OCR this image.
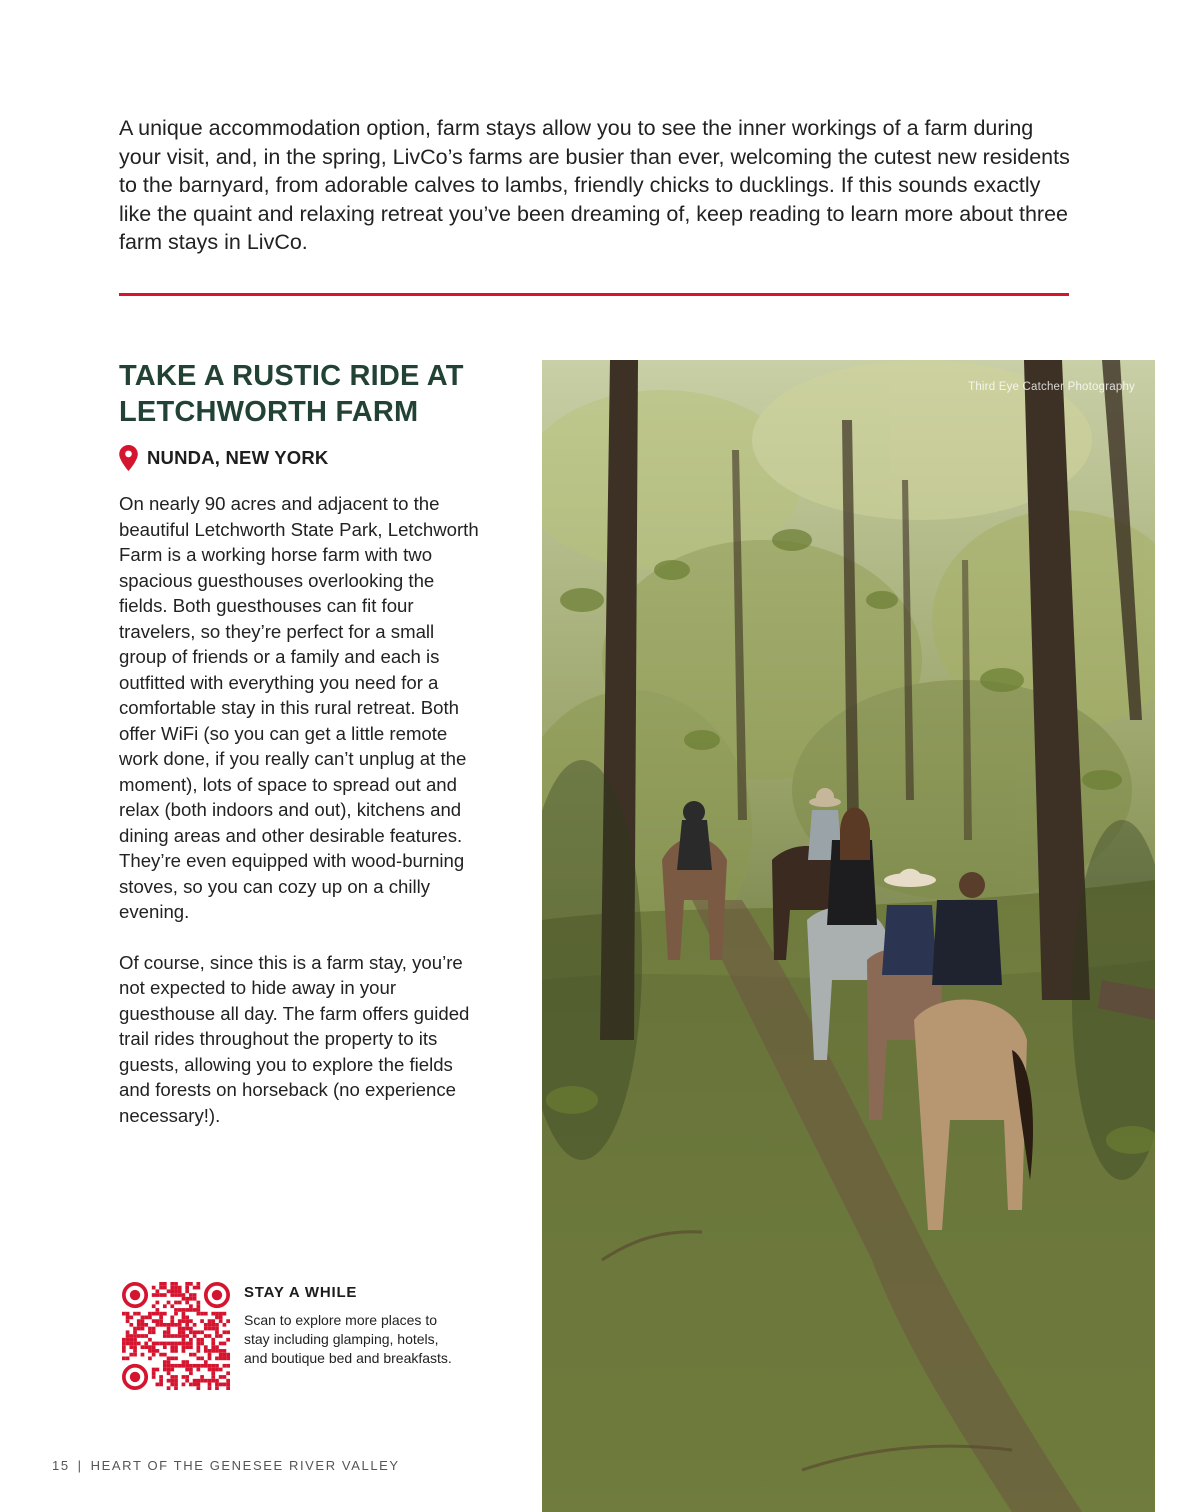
A unique accommodation option, farm stays allow you to see the inner workings of a farm during your visit, and, in the spring, LivCo’s farms are busier than ever, welcoming the cutest new residents to the barnyard, from adorable calves to lambs, friendly chicks to ducklings. If this sounds exactly like the quaint and relaxing retreat you’ve been dreaming of, keep reading to learn more about three farm stays in LivCo.

TAKE A RUSTIC RIDE AT LETCHWORTH FARM
NUNDA, NEW YORK

On nearly 90 acres and adjacent to the beautiful Letchworth State Park, Letchworth Farm is a working horse farm with two spacious guesthouses overlooking the fields. Both guesthouses can fit four travelers, so they’re perfect for a small group of friends or a family and each is outfitted with everything you need for a comfortable stay in this rural retreat. Both offer WiFi (so you can get a little remote work done, if you really can’t unplug at the moment), lots of space to spread out and relax (both indoors and out), kitchens and dining areas and other desirable features. They’re even equipped with wood-burning stoves, so you can cozy up on a chilly evening.

Of course, since this is a farm stay, you’re not expected to hide away in your guesthouse all day. The farm offers guided trail rides throughout the property to its guests, allowing you to explore the fields and forests on horseback (no experience necessary!).

STAY A WHILE

Scan to explore more places to stay including glamping, hotels, and boutique bed and breakfasts.

15 | HEART OF THE GENESEE RIVER VALLEY
Third Eye Catcher Photography
